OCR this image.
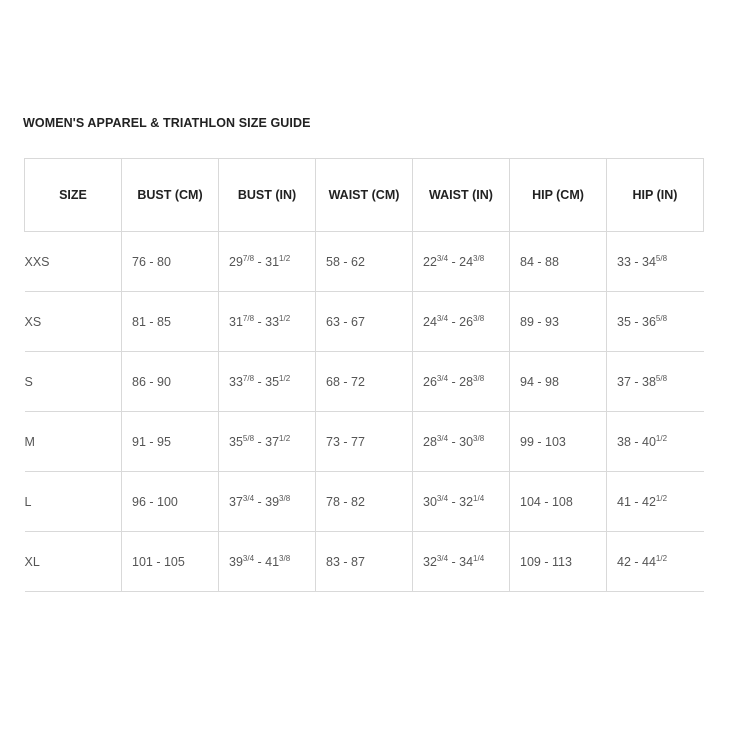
WOMEN'S APPAREL & TRIATHLON SIZE GUIDE
SIZE	BUST (CM)	BUST (IN)	WAIST (CM)	WAIST (IN)	HIP (CM)	HIP (IN)
XXS	76 - 80	$29^{7/8} - 31^{1/2}$	58 - 62	$22^{3/4} - 24^{3/8}$	84 - 88	$33 - 34^{5/8}$
XS	81 - 85	$31^{7/8} - 33^{1/2}$	63 - 67	$24^{3/4} - 26^{3/8}$	89 - 93	$35 - 36^{5/8}$
S	86 - 90	$33^{7/8} - 35^{1/2}$	68 - 72	$26^{3/4} - 28^{3/8}$	94 - 98	$37 - 38^{5/8}$
M	91 - 95	$35^{5/8} - 37^{1/2}$	73 - 77	$28^{3/4} - 30^{3/8}$	99 - 103	$38 - 40^{1/2}$
L	96 - 100	$37^{3/4} - 39^{3/8}$	78 - 82	$30^{3/4} - 32^{1/4}$	104 - 108	$41 - 42^{1/2}$
XL	101 - 105	$39^{3/4} - 41^{3/8}$	83 - 87	$32^{3/4} - 34^{1/4}$	109 - 113	$42 - 44^{1/2}$
